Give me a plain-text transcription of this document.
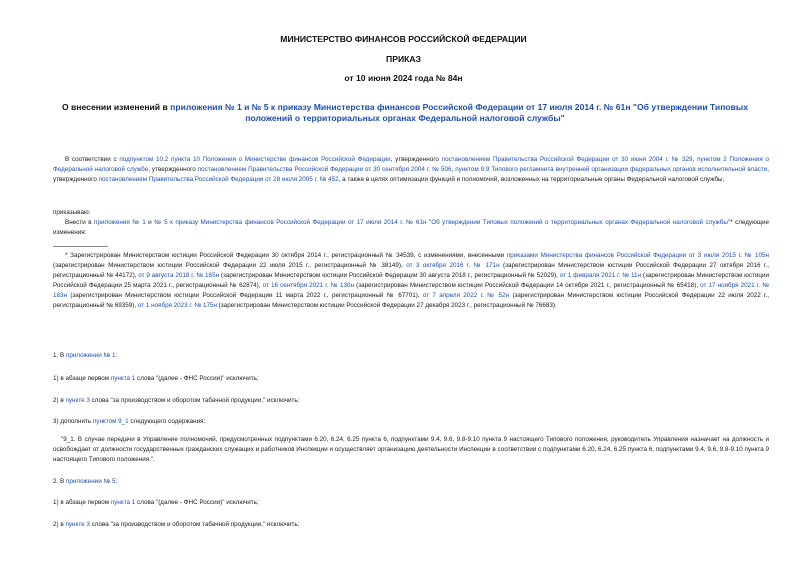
МИНИСТЕРСТВО ФИНАНСОВ РОССИЙСКОЙ ФЕДЕРАЦИИ

ПРИКАЗ

от 10 июня 2024 года № 84н

О внесении изменений в приложения № 1 и № 5 к приказу Министерства финансов Российской Федерации от 17 июля 2014 г. № 61н "Об утверждении Типовых положений о территориальных органах Федеральной налоговой службы"
В соответствии с подпунктом 10.2 пункта 10 Положения о Министерстве финансов Российской Федерации, утвержденного постановлением Правительства Российской Федерации от 30 июня 2004 г. № 329, пунктом 2 Положения о Федеральной налоговой службе, утвержденного постановлением Правительства Российской Федерации от 30 сентября 2004 г. № 506, пунктом 9.9 Типового регламента внутренней организации федеральных органов исполнительной власти, утвержденного постановлением Правительства Российской Федерации от 28 июля 2005 г. № 452, а также в целях оптимизации функций и полномочий, возложенных на территориальные органы Федеральной налоговой службы,
приказываю:
Внести в приложения № 1 и № 5 к приказу Министерства финансов Российской Федерации от 17 июля 2014 г. № 61н "Об утверждении Типовых положений о территориальных органах Федеральной налоговой службы"* следующие изменения:
* Зарегистрирован Министерством юстиции Российской Федерации 30 октября 2014 г., регистрационный № 34539, с изменениями, внесенными приказами Министерства финансов Российской Федерации от 3 июля 2015 г. № 105н (зарегистрирован Министерством юстиции Российской Федерации 22 июля 2015 г., регистрационный № 38149), от 3 октября 2016 г. № 171н (зарегистрирован Министерством юстиции Российской Федерации 27 октября 2016 г., регистрационный № 44172), от 9 августа 2018 г. № 165н (зарегистрирован Министерством юстиции Российской Федерации 30 августа 2018 г., регистрационный № 52029), от 1 февраля 2021 г. № 11н (зарегистрирован Министерством юстиции Российской Федерации 25 марта 2021 г., регистрационный № 62874), от 16 сентября 2021 г. № 130н (зарегистрирован Министерством юстиции Российской Федерации 14 октября 2021 г., регистрационный № 65418), от 17 ноября 2021 г. № 183н (зарегистрирован Министерством юстиции Российской Федерации 11 марта 2022 г., регистрационный № 67701), от 7 апреля 2022 г. № 52н (зарегистрирован Министерством юстиции Российской Федерации 22 июля 2022 г., регистрационный № 69359), от 1 ноября 2023 г. № 175н (зарегистрирован Министерством юстиции Российской Федерации 27 декабря 2023 г., регистрационный № 76683).
1. В приложении № 1:
1) в абзаце первом пункта 1 слова "(далее - ФНС России)" исключить;
2) в пункте 3 слова "за производством и оборотом табачной продукции," исключить;
3) дополнить пунктом 9_1 следующего содержания:
"9_1. В случае передачи в Управление полномочий, предусмотренных подпунктами 6.20, 6.24, 6.25 пункта 6, подпунктами 9.4, 9.6, 9.8-9.10 пункта 9 настоящего Типового положения, руководитель Управления назначает на должность и освобождает от должности государственных гражданских служащих и работников Инспекции и осуществляет организацию деятельности Инспекции в соответствии с подпунктами 6.20, 6.24, 6.25 пункта 6, подпунктами 9.4, 9.6, 9.8-9.10 пункта 9 настоящего Типового положения.".
2. В приложении № 5:
1) в абзаце первом пункта 1 слова "(далее - ФНС России)" исключить;
2) в пункте 3 слова "за производством и оборотом табачной продукции," исключить;
